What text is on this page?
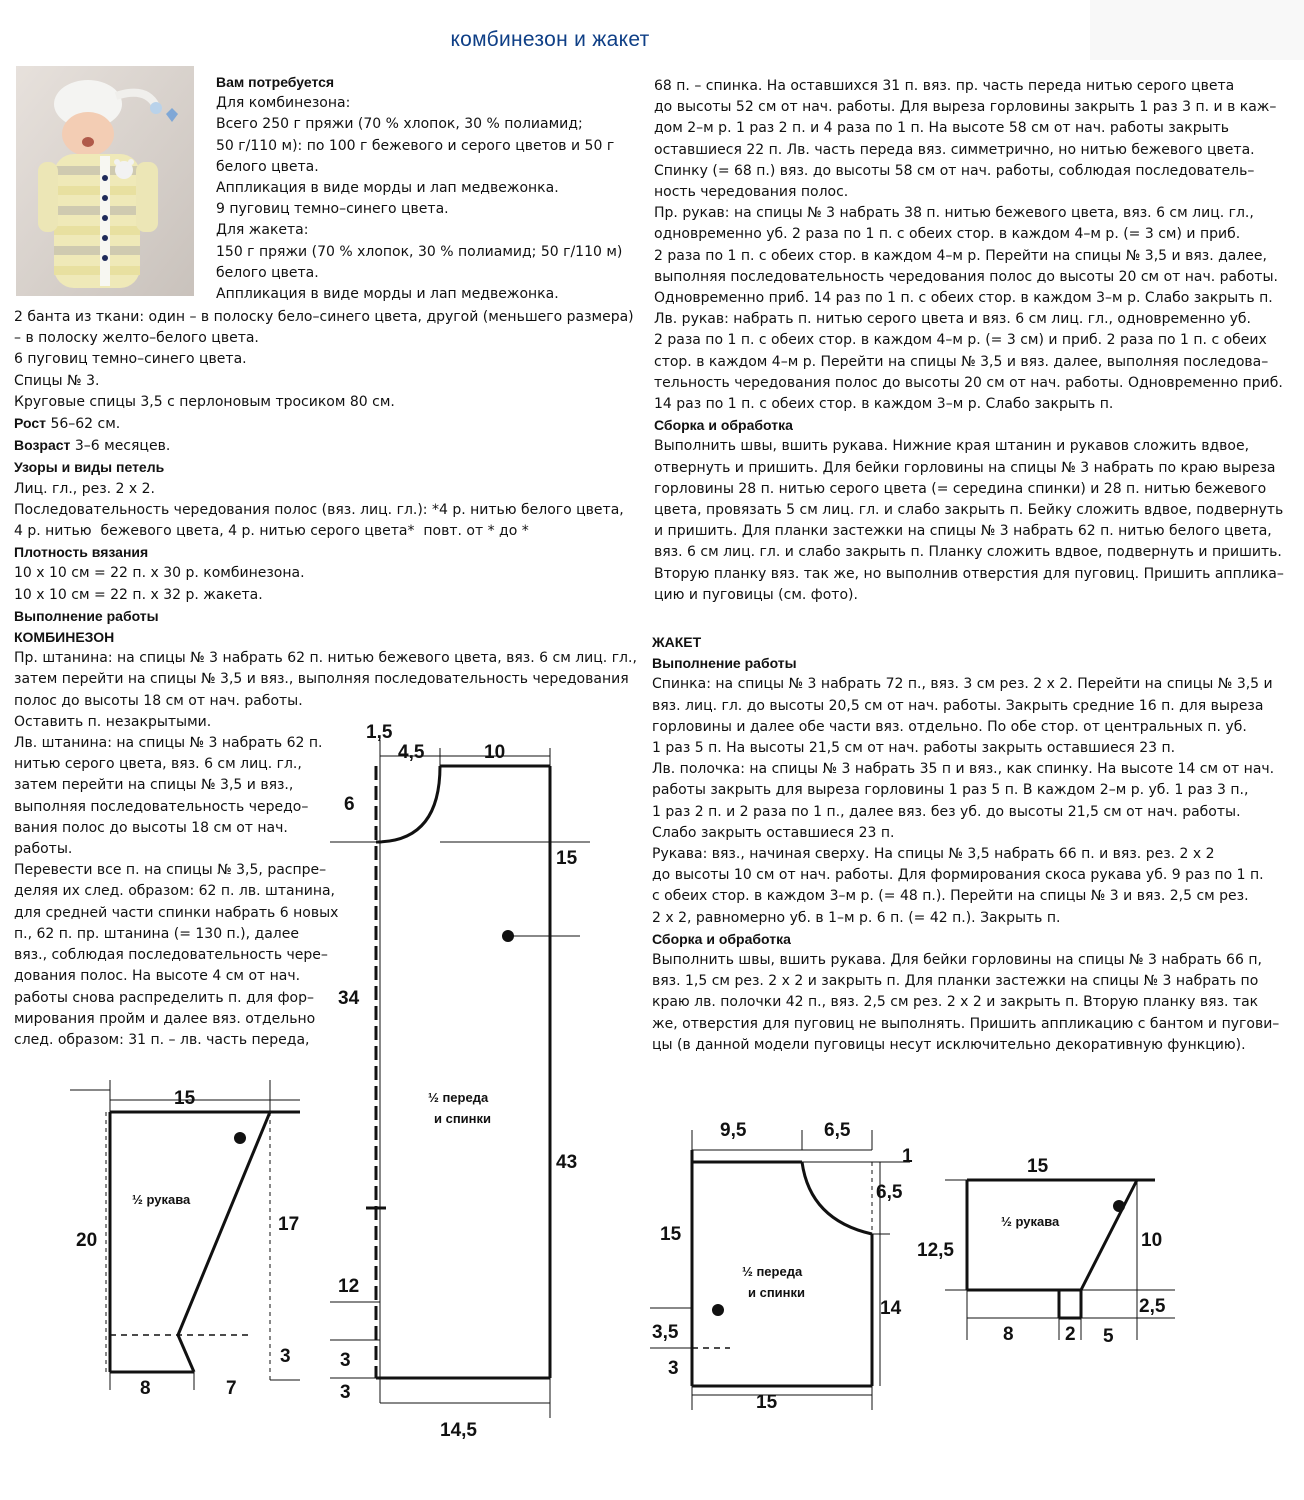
комбинезон и жакет

Вам потребуется

Для комбинезона:

Всего 250 г пряжи (70 % хлопок, 30 % полиамид;

50 г/110 м): по 100 г бежевого и серого цветов и 50 г

белого цвета.

Аппликация в виде морды и лап медвежонка.

9 пуговиц темно–синего цвета.

Для жакета:

150 г пряжи (70 % хлопок, 30 % полиамид; 50 г/110 м)

белого цвета.

Аппликация в виде морды и лап медвежонка.

2 банта из ткани: один – в полоску бело–синего цвета, другой (меньшего размера)

– в полоску желто–белого цвета.

6 пуговиц темно–синего цвета.

Спицы № 3.

Круговые спицы 3,5 с перлоновым тросиком 80 см.

Рост 56–62 см.

Возраст 3–6 месяцев.

Узоры и виды петель

Лиц. гл., рез. 2 х 2.

Последовательность чередования полос (вяз. лиц. гл.): *4 р. нитью белого цвета,

4 р. нитью  бежевого цвета, 4 р. нитью серого цвета*  повт. от * до *

Плотность вязания

10 х 10 см = 22 п. х 30 р. комбинезона.

10 х 10 см = 22 п. х 32 р. жакета.

Выполнение работы

КОМБИНЕЗОН

Пр. штанина: на спицы № 3 набрать 62 п. нитью бежевого цвета, вяз. 6 см лиц. гл.,

затем перейти на спицы № 3,5 и вяз., выполняя последовательность чередования

полос до высоты 18 см от нач. работы.

Оставить п. незакрытыми.

Лв. штанина: на спицы № 3 набрать 62 п.

нитью серого цвета, вяз. 6 см лиц. гл.,

затем перейти на спицы № 3,5 и вяз.,

выполняя последовательность чередо–

вания полос до высоты 18 см от нач.

работы.

Перевести все п. на спицы № 3,5, распре–

деляя их след. образом: 62 п. лв. штанина,

для средней части спинки набрать 6 новых

п., 62 п. пр. штанина (= 130 п.), далее

вяз., соблюдая последовательность чере–

дования полос. На высоте 4 см от нач.

работы снова распределить п. для фор–

мирования пройм и далее вяз. отдельно

след. образом: 31 п. – лв. часть переда,

68 п. – спинка. На оставшихся 31 п. вяз. пр. часть переда нитью серого цвета

до высоты 52 см от нач. работы. Для выреза горловины закрыть 1 раз 3 п. и в каж–

дом 2–м р. 1 раз 2 п. и 4 раза по 1 п. На высоте 58 см от нач. работы закрыть

оставшиеся 22 п. Лв. часть переда вяз. симметрично, но нитью бежевого цвета.

Спинку (= 68 п.) вяз. до высоты 58 см от нач. работы, соблюдая последователь–

ность чередования полос.

Пр. рукав: на спицы № 3 набрать 38 п. нитью бежевого цвета, вяз. 6 см лиц. гл.,

одновременно уб. 2 раза по 1 п. с обеих стор. в каждом 4–м р. (= 3 см) и приб.

2 раза по 1 п. с обеих стор. в каждом 4–м р. Перейти на спицы № 3,5 и вяз. далее,

выполняя последовательность чередования полос до высоты 20 см от нач. работы.

Одновременно приб. 14 раз по 1 п. с обеих стор. в каждом 3–м р. Слабо закрыть п.

Лв. рукав: набрать п. нитью серого цвета и вяз. 6 см лиц. гл., одновременно уб.

2 раза по 1 п. с обеих стор. в каждом 4–м р. (= 3 см) и приб. 2 раза по 1 п. с обеих

стор. в каждом 4–м р. Перейти на спицы № 3,5 и вяз. далее, выполняя последова–

тельность чередования полос до высоты 20 см от нач. работы. Одновременно приб.

14 раз по 1 п. с обеих стор. в каждом 3–м р. Слабо закрыть п.

Сборка и обработка

Выполнить швы, вшить рукава. Нижние края штанин и рукавов сложить вдвое,

отвернуть и пришить. Для бейки горловины на спицы № 3 набрать по краю выреза

горловины 28 п. нитью серого цвета (= середина спинки) и 28 п. нитью бежевого

цвета, провязать 5 см лиц. гл. и слабо закрыть п. Бейку сложить вдвое, подвернуть

и пришить. Для планки застежки на спицы № 3 набрать 62 п. нитью белого цвета,

вяз. 6 см лиц. гл. и слабо закрыть п. Планку сложить вдвое, подвернуть и пришить.

Вторую планку вяз. так же, но выполнив отверстия для пуговиц. Пришить апплика–

цию и пуговицы (см. фото).

ЖАКЕТ

Выполнение работы

Спинка: на спицы № 3 набрать 72 п., вяз. 3 см рез. 2 х 2. Перейти на спицы № 3,5 и

вяз. лиц. гл. до высоты 20,5 см от нач. работы. Закрыть средние 16 п. для выреза

горловины и далее обе части вяз. отдельно. По обе стор. от центральных п. уб.

1 раз 5 п. На высоты 21,5 см от нач. работы закрыть оставшиеся 23 п.

Лв. полочка: на спицы № 3 набрать 35 п и вяз., как спинку. На высоте 14 см от нач.

работы закрыть для выреза горловины 1 раз 5 п. В каждом 2–м р. уб. 1 раз 3 п.,

1 раз 2 п. и 2 раза по 1 п., далее вяз. без уб. до высоты 21,5 см от нач. работы.

Слабо закрыть оставшиеся 23 п.

Рукава: вяз., начиная сверху. На спицы № 3,5 набрать 66 п. и вяз. рез. 2 х 2

до высоты 10 см от нач. работы. Для формирования скоса рукава уб. 9 раз по 1 п.

с обеих стор. в каждом 3–м р. (= 48 п.). Перейти на спицы № 3 и вяз. 2,5 см рез.

2 х 2, равномерно уб. в 1–м р. 6 п. (= 42 п.). Закрыть п.

Сборка и обработка

Выполнить швы, вшить рукава. Для бейки горловины на спицы № 3 набрать 66 п,

вяз. 1,5 см рез. 2 х 2 и закрыть п. Для планки застежки на спицы № 3 набрать по

краю лв. полочки 42 п., вяз. 2,5 см рез. 2 х 2 и закрыть п. Вторую планку вяз. так

же, отверстия для пуговиц не выполнять. Пришить аппликацию с бантом и пугови–

цы (в данной модели пуговицы несут исключительно декоративную функцию).

15
20
17
3
8	7
½ рукава
1,5
4,5	10
6
15
34
43
12
3
3
14,5
½ переда
и спинки
9,5	6,5
1
6,5
15
3,5
3
14
15
½ переда
и спинки
15
12,5	10
2,5
8	2 5
½ рукава
